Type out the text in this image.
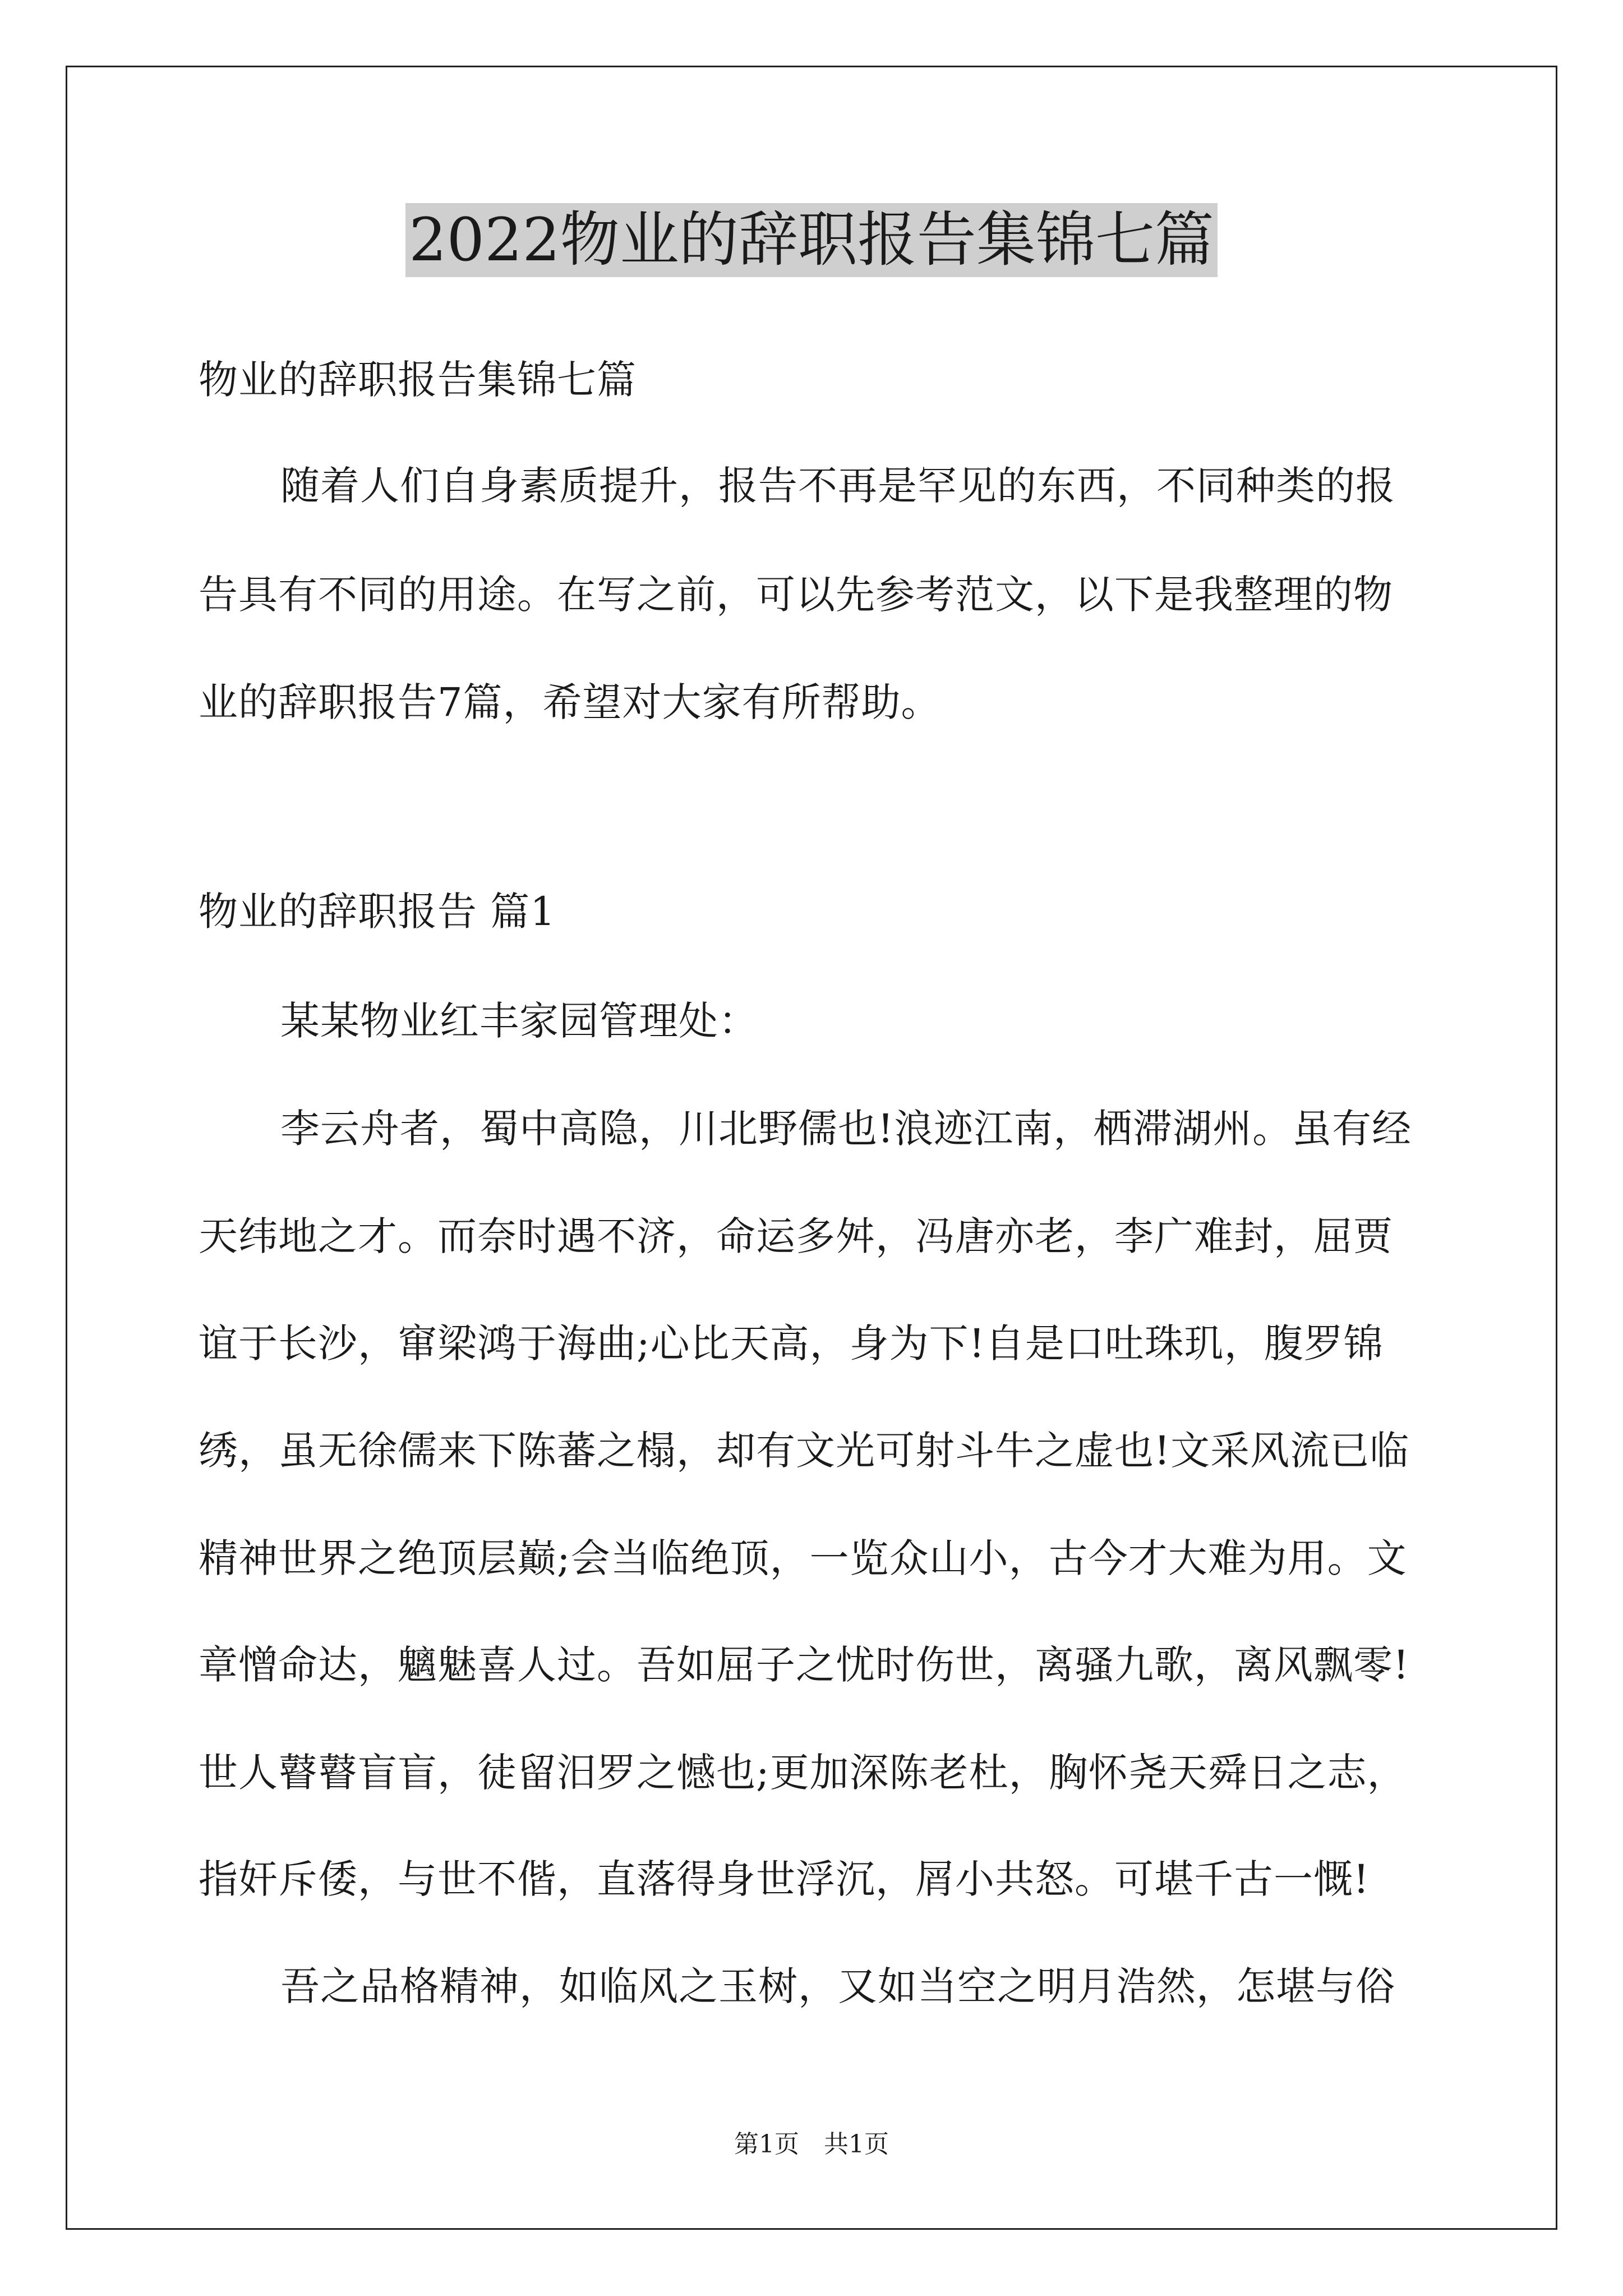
2022物业的辞职报告集锦七篇
物业的辞职报告集锦七篇
随着人们自身素质提升，报告不再是罕见的东西，不同种类的报
告具有不同的用途。在写之前，可以先参考范文，以下是我整理的物
业的辞职报告7篇，希望对大家有所帮助。
物业的辞职报告 篇1
某某物业红丰家园管理处：
李云舟者，蜀中高隐，川北野儒也!浪迹江南，栖滞湖州。虽有经
天纬地之才。而奈时遇不济，命运多舛，冯唐亦老，李广难封，屈贾
谊于长沙，窜梁鸿于海曲;心比天高，身为下!自是口吐珠玑，腹罗锦
绣，虽无徐儒来下陈蕃之榻，却有文光可射斗牛之虚也!文采风流已临
精神世界之绝顶层巅;会当临绝顶，一览众山小，古今才大难为用。文
章憎命达，魑魅喜人过。吾如屈子之忧时伤世，离骚九歌，离风飘零!
世人瞽瞽盲盲，徒留汨罗之憾也;更加深陈老杜，胸怀尧天舜日之志，
指奸斥倭，与世不偕，直落得身世浮沉，屑小共怒。可堪千古一慨!
吾之品格精神，如临风之玉树，又如当空之明月浩然，怎堪与俗
第1页　共1页
